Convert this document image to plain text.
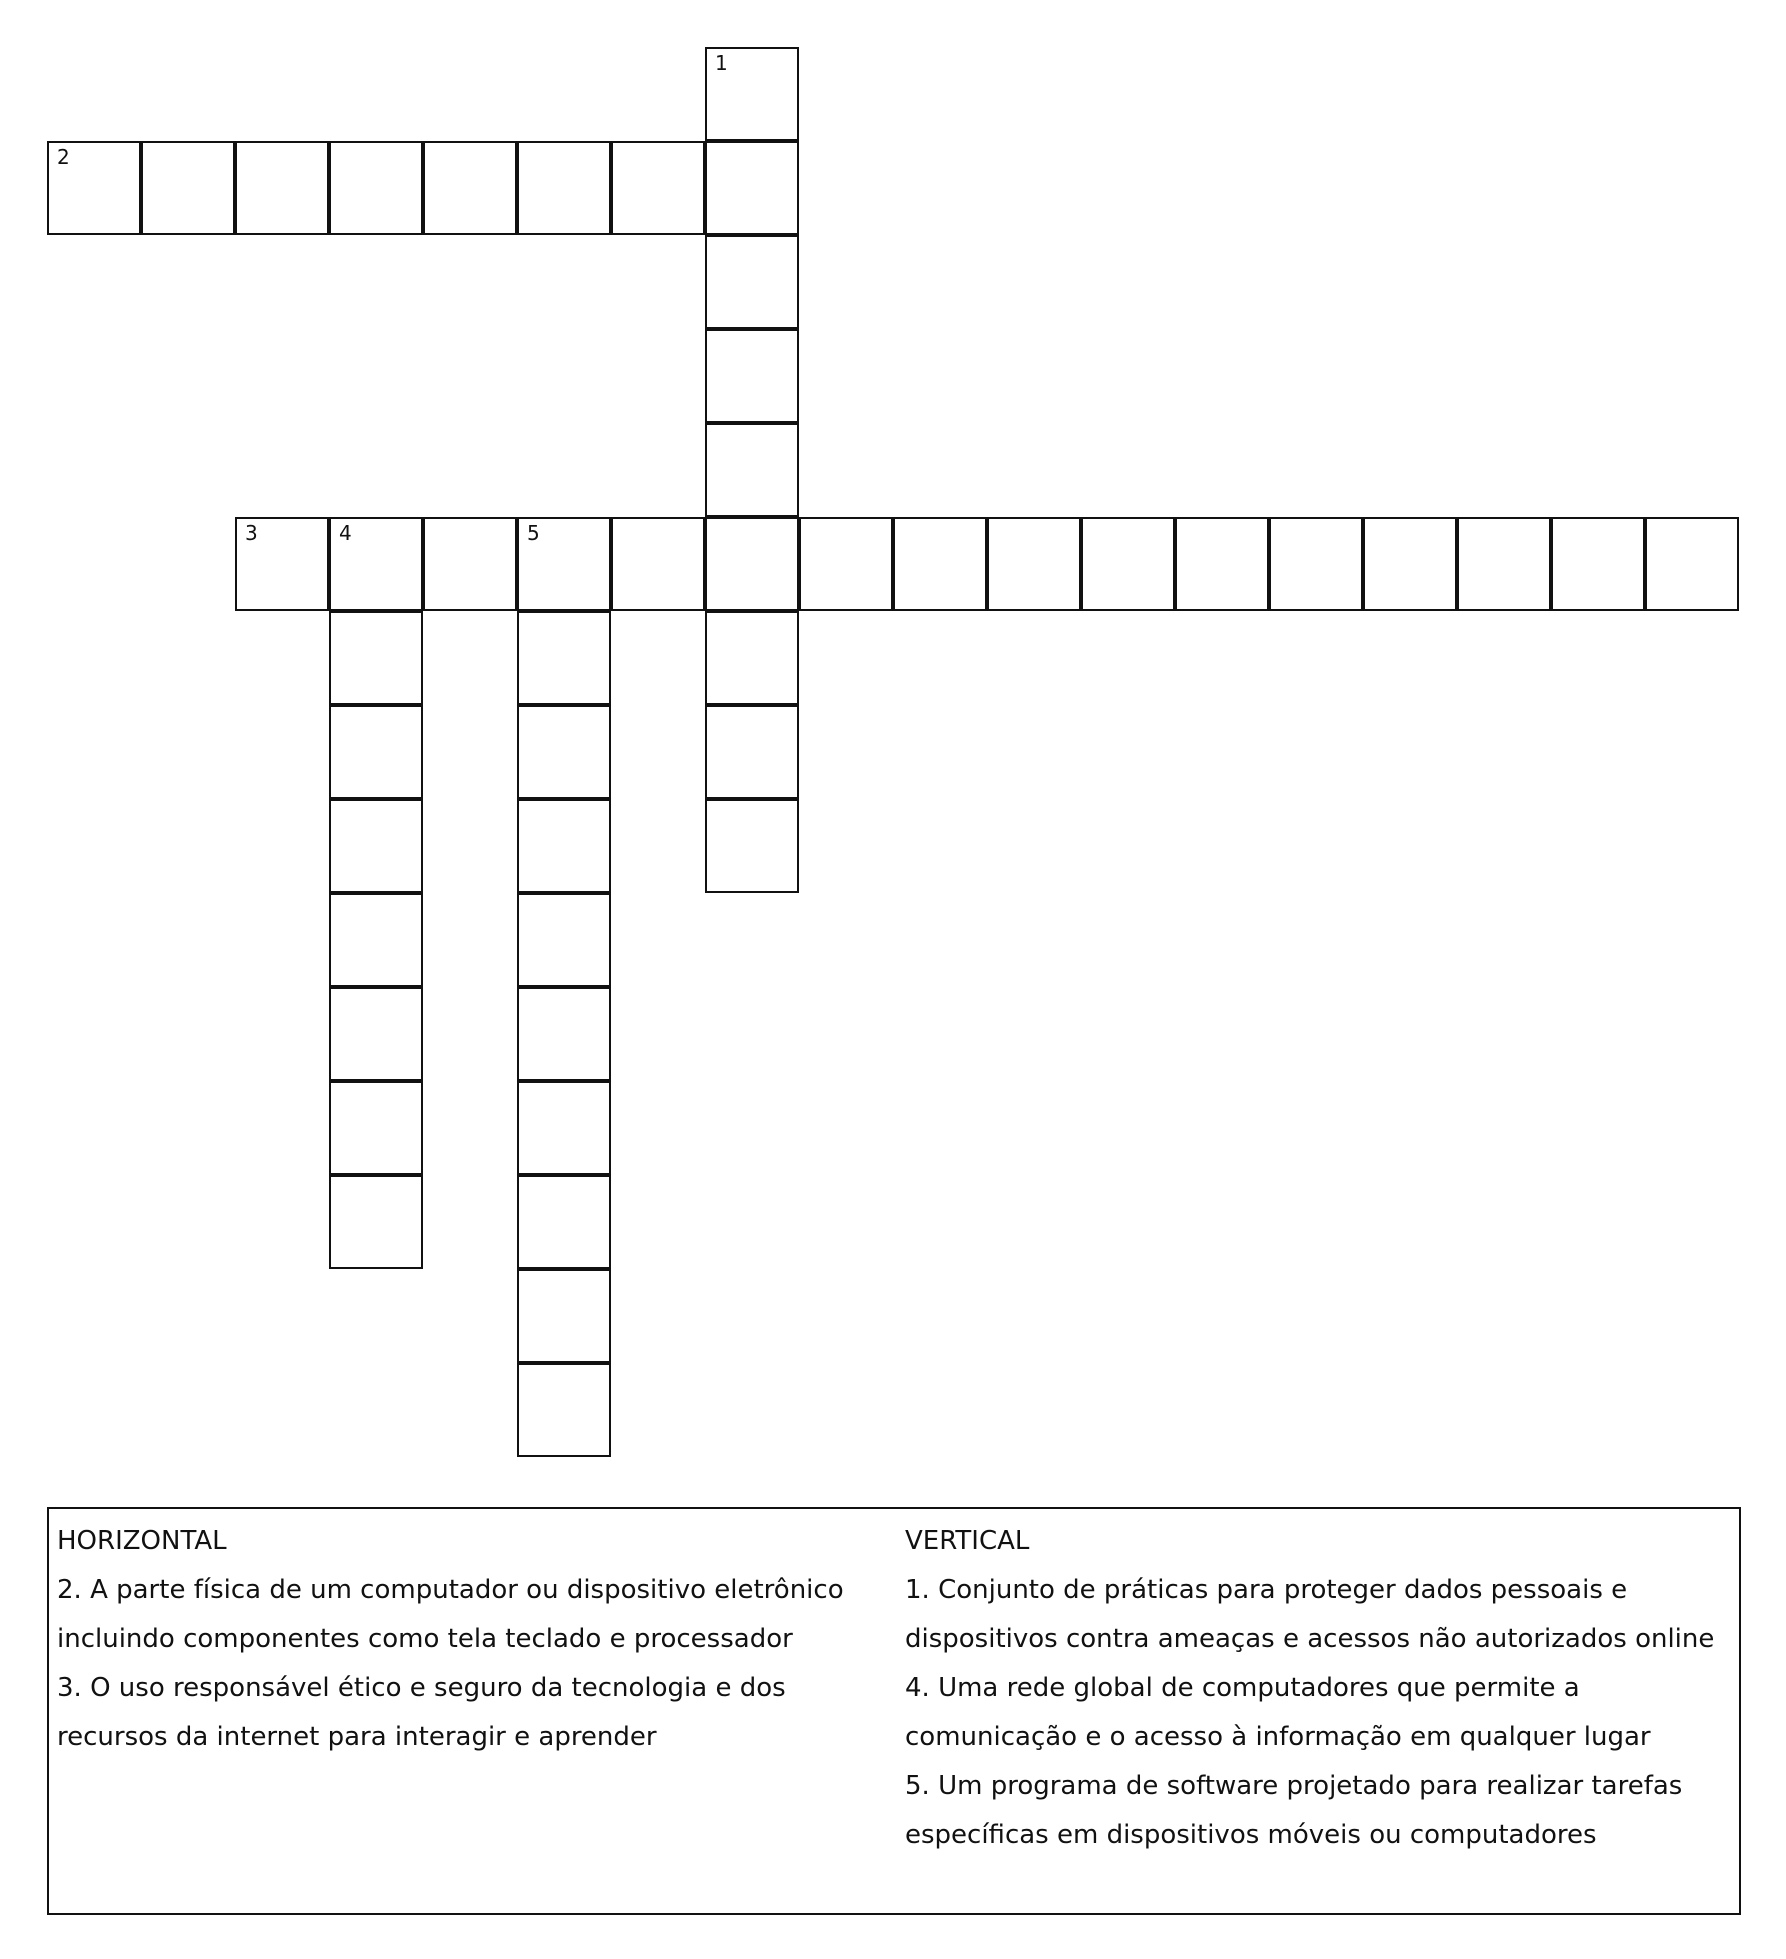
1
2
3	4	5

HORIZONTAL

2. A parte física de um computador ou dispositivo eletrônico incluindo componentes como tela teclado e processador

3. O uso responsável ético e seguro da tecnologia e dos recursos da internet para interagir e aprender

VERTICAL

1. Conjunto de práticas para proteger dados pessoais e dispositivos contra ameaças e acessos não autorizados online

4. Uma rede global de computadores que permite a comunicação e o acesso à informação em qualquer lugar

5. Um programa de software projetado para realizar tarefas específicas em dispositivos móveis ou computadores
